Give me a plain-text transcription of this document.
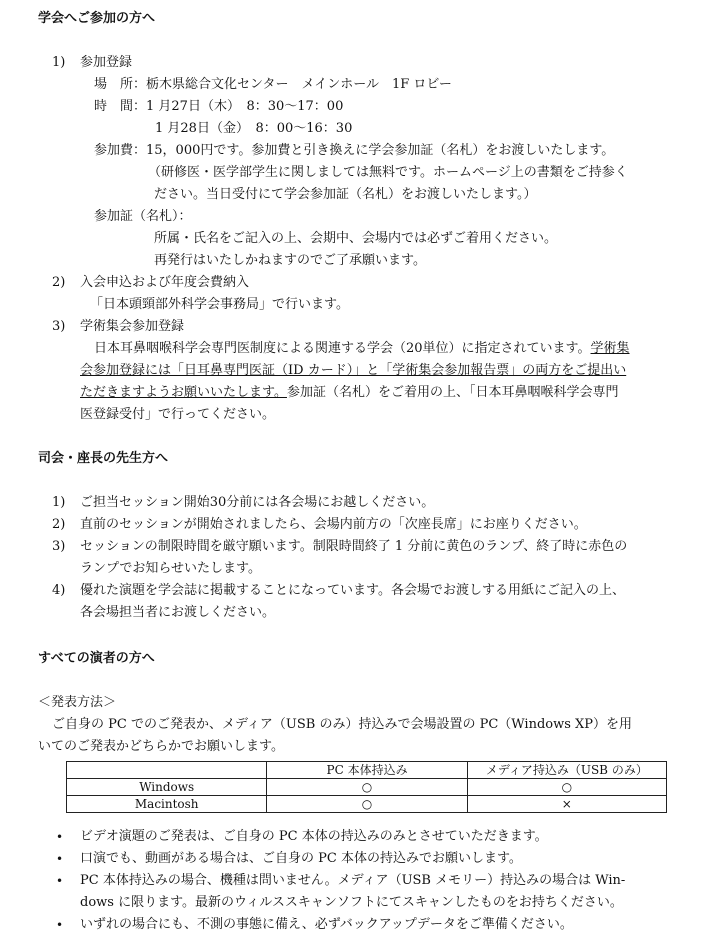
学会へご参加の方へ
1) 参加登録
場　所：栃木県総合文化センター　メインホール　1F ロビー
時　間：1 月27日（木）　8：30～17：00
1 月28日（金）　8：00～16：30
参加費：15，000円です。参加費と引き換えに学会参加証（名札）をお渡しいたします。
（研修医・医学部学生に関しましては無料です。ホームページ上の書類をご持参く
ださい。当日受付にて学会参加証（名札）をお渡しいたします。）
参加証（名札）：
所属・氏名をご記入の上、会期中、会場内では必ずご着用ください。
再発行はいたしかねますのでご了承願います。
2) 入会申込および年度会費納入
「日本頭頸部外科学会事務局」で行います。
3) 学術集会参加登録
日本耳鼻咽喉科学会専門医制度による関連する学会（20単位）に指定されています。学術集
会参加登録には「日耳鼻専門医証（ID カード）」と「学術集会参加報告票」の両方をご提出い
ただきますようお願いいたします。参加証（名札）をご着用の上、「日本耳鼻咽喉科学会専門
医登録受付」で行ってください。
司会・座長の先生方へ
1) ご担当セッション開始30分前には各会場にお越しください。
2) 直前のセッションが開始されましたら、会場内前方の「次座長席」にお座りください。
3) セッションの制限時間を厳守願います。制限時間終了 1 分前に黄色のランプ、終了時に赤色の
ランプでお知らせいたします。
4) 優れた演題を学会誌に掲載することになっています。各会場でお渡しする用紙にご記入の上、
各会場担当者にお渡しください。
すべての演者の方へ
＜発表方法＞
ご自身の PC でのご発表か、メディア（USB のみ）持込みで会場設置の PC（Windows XP）を用
いてのご発表かどちらかでお願いします。
	PC 本体持込み	メディア持込み（USB のみ）
Windows	○	○
Macintosh	○	×
• ビデオ演題のご発表は、ご自身の PC 本体の持込みのみとさせていただきます。
• 口演でも、動画がある場合は、ご自身の PC 本体の持込みでお願いします。
• PC 本体持込みの場合、機種は問いません。メディア（USB メモリー）持込みの場合は Win-
dows に限ります。最新のウィルススキャンソフトにてスキャンしたものをお持ちください。
• いずれの場合にも、不測の事態に備え、必ずバックアップデータをご準備ください。
